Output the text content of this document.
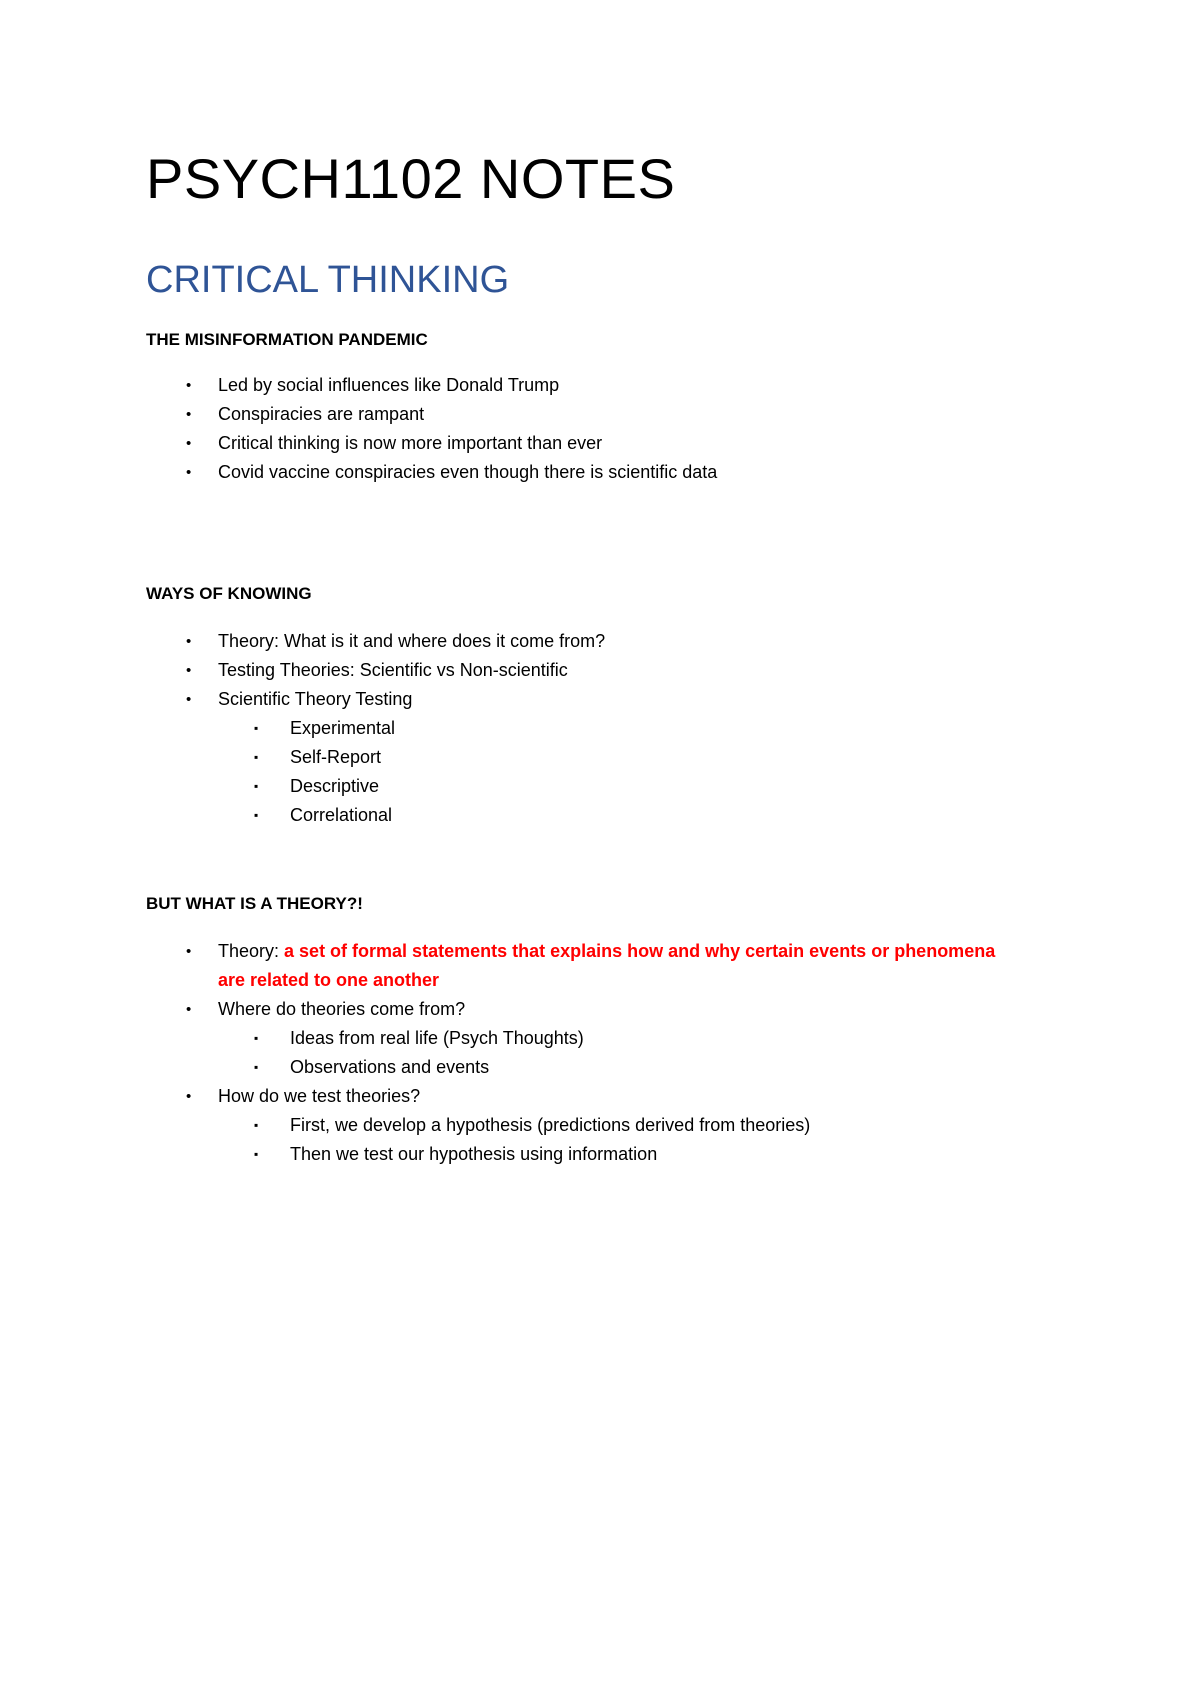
PSYCH1102 NOTES
CRITICAL THINKING
THE MISINFORMATION PANDEMIC
• Led by social influences like Donald Trump
• Conspiracies are rampant
• Critical thinking is now more important than ever
• Covid vaccine conspiracies even though there is scientific data
WAYS OF KNOWING
• Theory: What is it and where does it come from?
• Testing Theories: Scientific vs Non-scientific
• Scientific Theory Testing
▪ Experimental
▪ Self-Report
▪ Descriptive
▪ Correlational
BUT WHAT IS A THEORY?!
• Theory: a set of formal statements that explains how and why certain events or phenomena are related to one another
• Where do theories come from?
▪ Ideas from real life (Psych Thoughts)
▪ Observations and events
• How do we test theories?
▪ First, we develop a hypothesis (predictions derived from theories)
▪ Then we test our hypothesis using information
